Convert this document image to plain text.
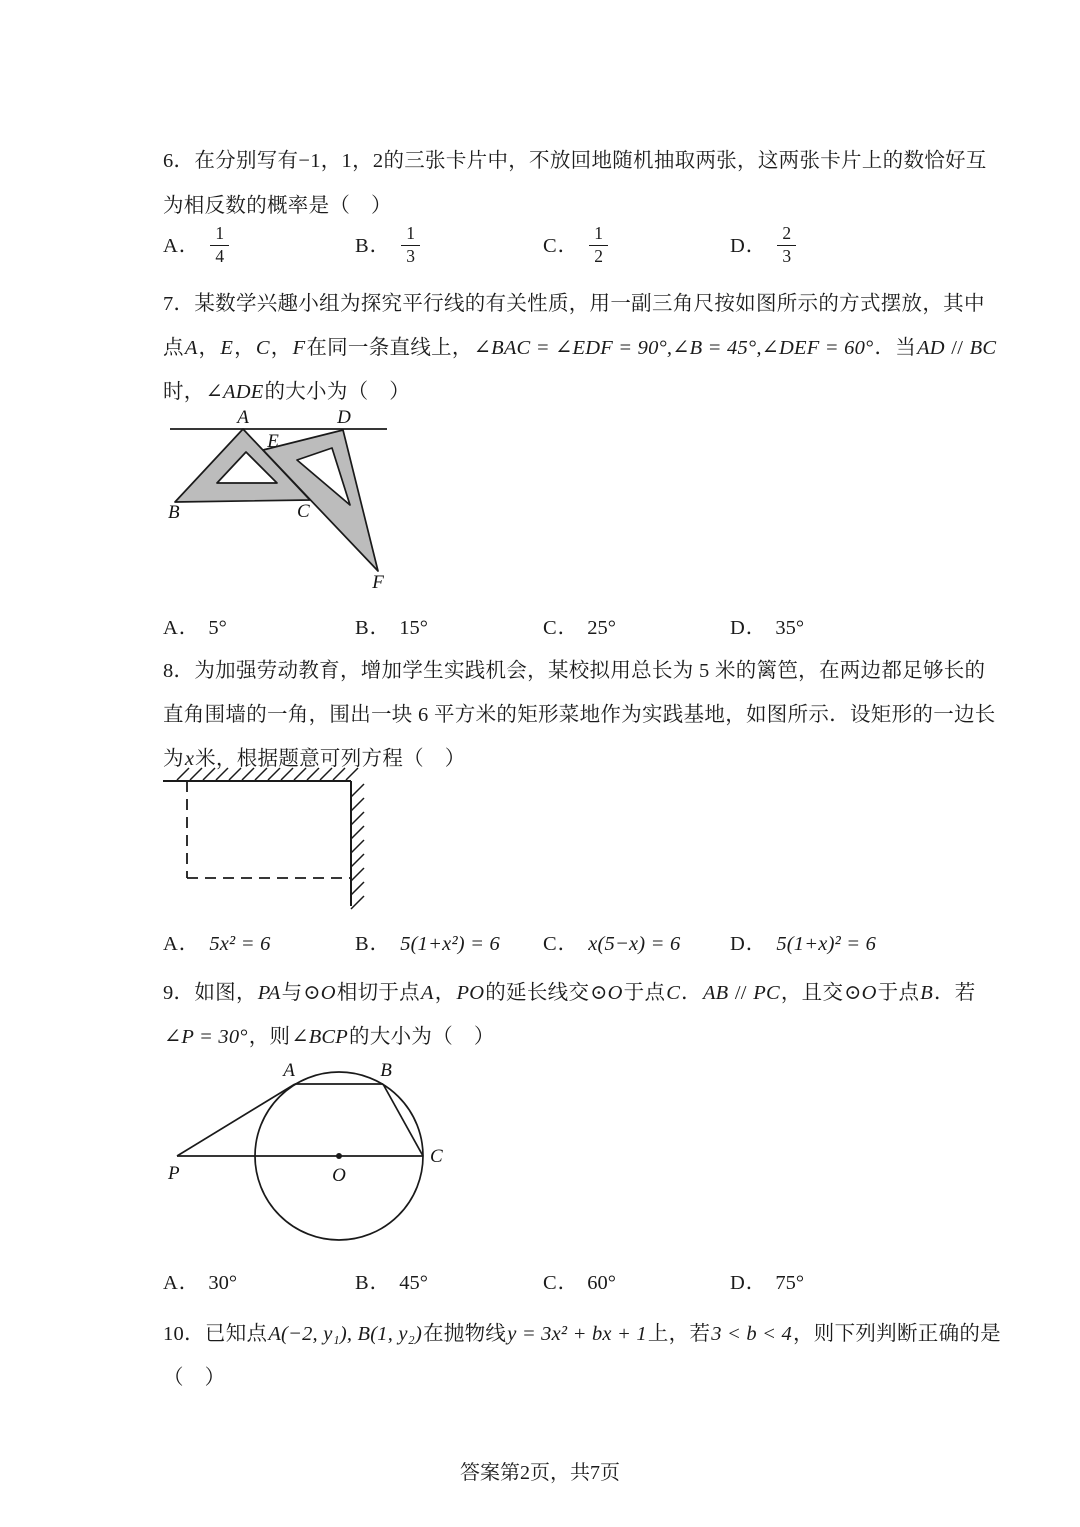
6．在分别写有−1，1，2的三张卡片中，不放回地随机抽取两张，这两张卡片上的数恰好互
为相反数的概率是（　）
A． $\frac{1}{4}$	B． $\frac{1}{3}$	C． $\frac{1}{2}$	D． $\frac{2}{3}$
7．某数学兴趣小组为探究平行线的有关性质，用一副三角尺按如图所示的方式摆放，其中
点A，E，C，F在同一条直线上，∠BAC = ∠EDF = 90°,∠B = 45°,∠DEF = 60°．当AD // BC
时，∠ADE的大小为（　）
A	D
E
B	C
F
A． 5°	B． 15°	C． 25°	D． 35°
8．为加强劳动教育，增加学生实践机会，某校拟用总长为 5 米的篱笆，在两边都足够长的
直角围墙的一角，围出一块 6 平方米的矩形菜地作为实践基地，如图所示．设矩形的一边长
为x米，根据题意可列方程（　）
A． 5x² = 6	B． 5(1+x²) = 6 C． x(5−x) = 6 D． 5(1+x)² = 6
9．如图，PA与⊙O相切于点A，PO的延长线交⊙O于点C．AB // PC，且交⊙O于点B．若
∠P = 30°，则∠BCP的大小为（　）
P
A	B
C
O
A． 30°	B． 45°	C． 60°	D． 75°
10．已知点A(−2, y₁), B(1, y₂)在抛物线y = 3x² + bx + 1上，若3 < b < 4，则下列判断正确的是
（　）
答案第2页，共7页
